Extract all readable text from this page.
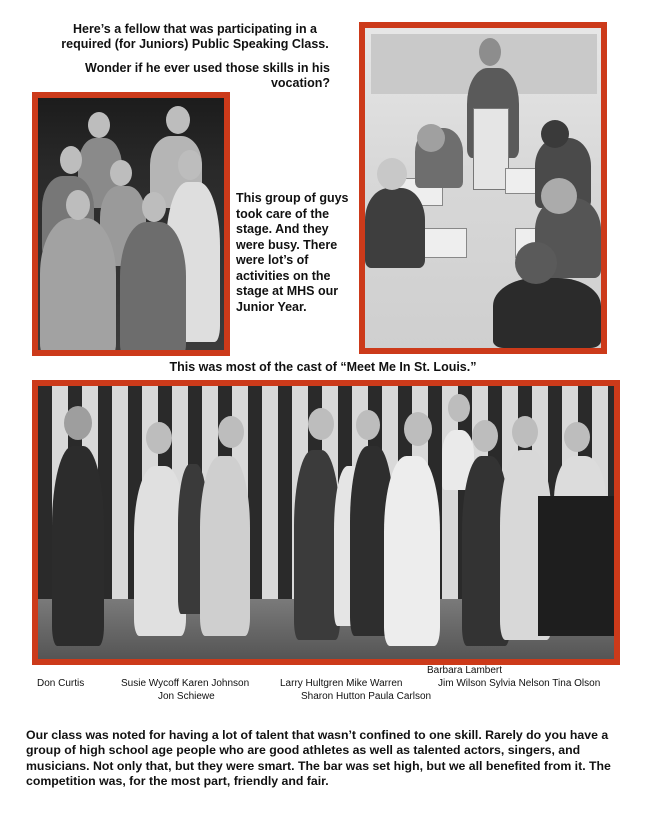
Here’s a fellow that was participating in a required (for Juniors) Public Speaking Class.

Wonder if he ever used those skills in his vocation?

This group of guys took care of the stage. And they were busy. There were lot’s of activities on the stage at MHS our Junior Year.
This was most of the cast of “Meet Me In St. Louis.”
Don Curtis	Susie Wycoff Karen Johnson
Jon Schiewe
Larry Hultgren Mike Warren
Sharon Hutton Paula Carlson
Barbara Lambert
Jim Wilson Sylvia Nelson Tina Olson
Our class was noted for having a lot of talent that wasn’t confined to one skill. Rarely do you have a group of high school age people who are good athletes as well as talented actors, singers, and musicians. Not only that, but they were smart. The bar was set high, but we all benefited from it. The competition was, for the most part, friendly and fair.
